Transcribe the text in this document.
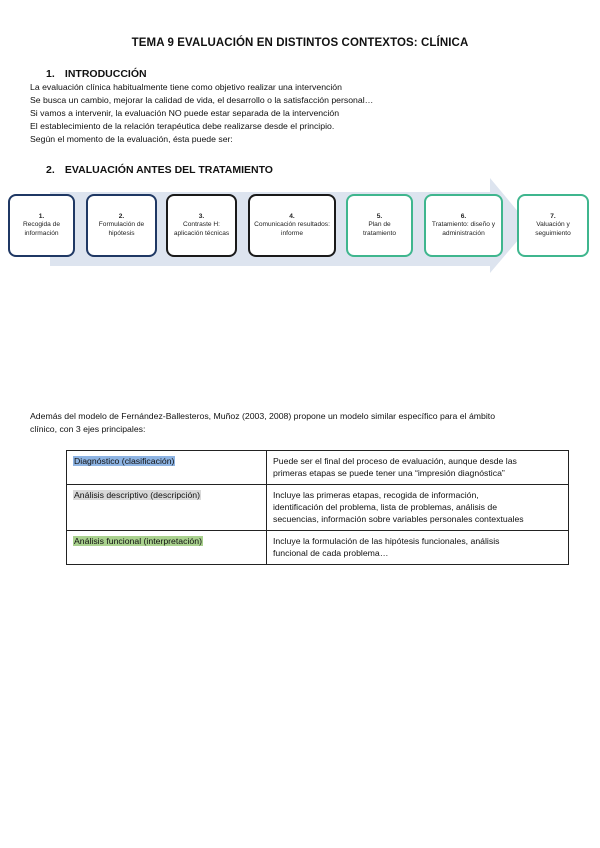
TEMA 9 EVALUACIÓN EN DISTINTOS CONTEXTOS: CLÍNICA
1. INTRODUCCIÓN
La evaluación clínica habitualmente tiene como objetivo realizar una intervención
Se busca un cambio, mejorar la calidad de vida, el desarrollo o la satisfacción personal…
Si vamos a intervenir, la evaluación NO puede estar separada de la intervención
El establecimiento de la relación terapéutica debe realizarse desde el principio.
Según el momento de la evaluación, ésta puede ser:
2. EVALUACIÓN ANTES DEL TRATAMIENTO
1.
Recogida de información
2.
Formulación de hipótesis
3.
Contraste H: aplicación técnicas
4.
Comunicación resultados: informe
5.
Plan de tratamiento
6.
Tratamiento: diseño y administración
7.
Valuación y seguimiento
Además del modelo de Fernández-Ballesteros, Muñoz (2003, 2008) propone un modelo similar específico para el ámbito
clínico, con 3 ejes principales:
Diagnóstico (clasificación)	Puede ser el final del proceso de evaluación, aunque desde las
primeras etapas se puede tener una “impresión diagnóstica”

Análisis descriptivo (descripción)	Incluye las primeras etapas, recogida de información,
identificación del problema, lista de problemas, análisis de
secuencias, información sobre variables personales contextuales

Análisis funcional (interpretación)	Incluye la formulación de las hipótesis funcionales, análisis
funcional de cada problema…
